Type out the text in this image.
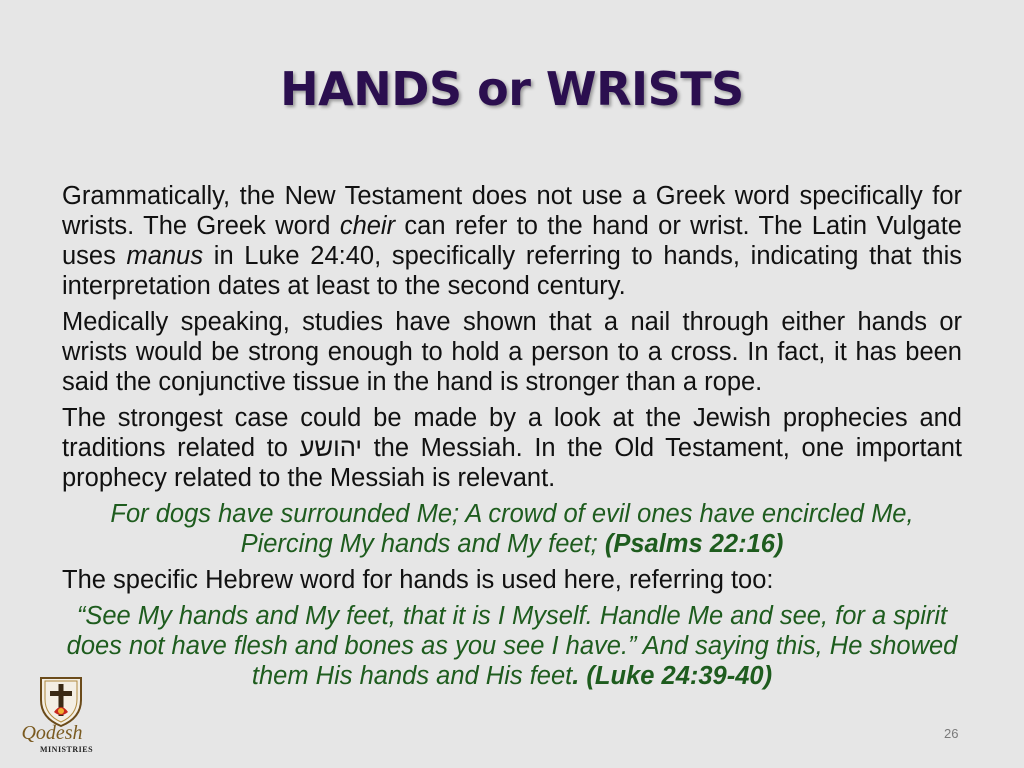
HANDS or WRISTS

Grammatically, the New Testament does not use a Greek word specifically for wrists. The Greek word cheir can refer to the hand or wrist. The Latin Vulgate uses manus in Luke 24:40, specifically referring to hands, indicating that this interpretation dates at least to the second century.

Medically speaking, studies have shown that a nail through either hands or wrists would be strong enough to hold a person to a cross. In fact, it has been said the conjunctive tissue in the hand is stronger than a rope.

The strongest case could be made by a look at the Jewish prophecies and traditions related to יהושע the Messiah. In the Old Testament, one important prophecy related to the Messiah is relevant.

For dogs have surrounded Me; A crowd of evil ones have encircled Me, Piercing My hands and My feet; (Psalms 22:16)

The specific Hebrew word for hands is used here, referring too:

“See My hands and My feet, that it is I Myself. Handle Me and see, for a spirit does not have flesh and bones as you see I have.” And saying this, He showed them His hands and His feet. (Luke 24:39-40)

Qodesh
MINISTRIES
26
